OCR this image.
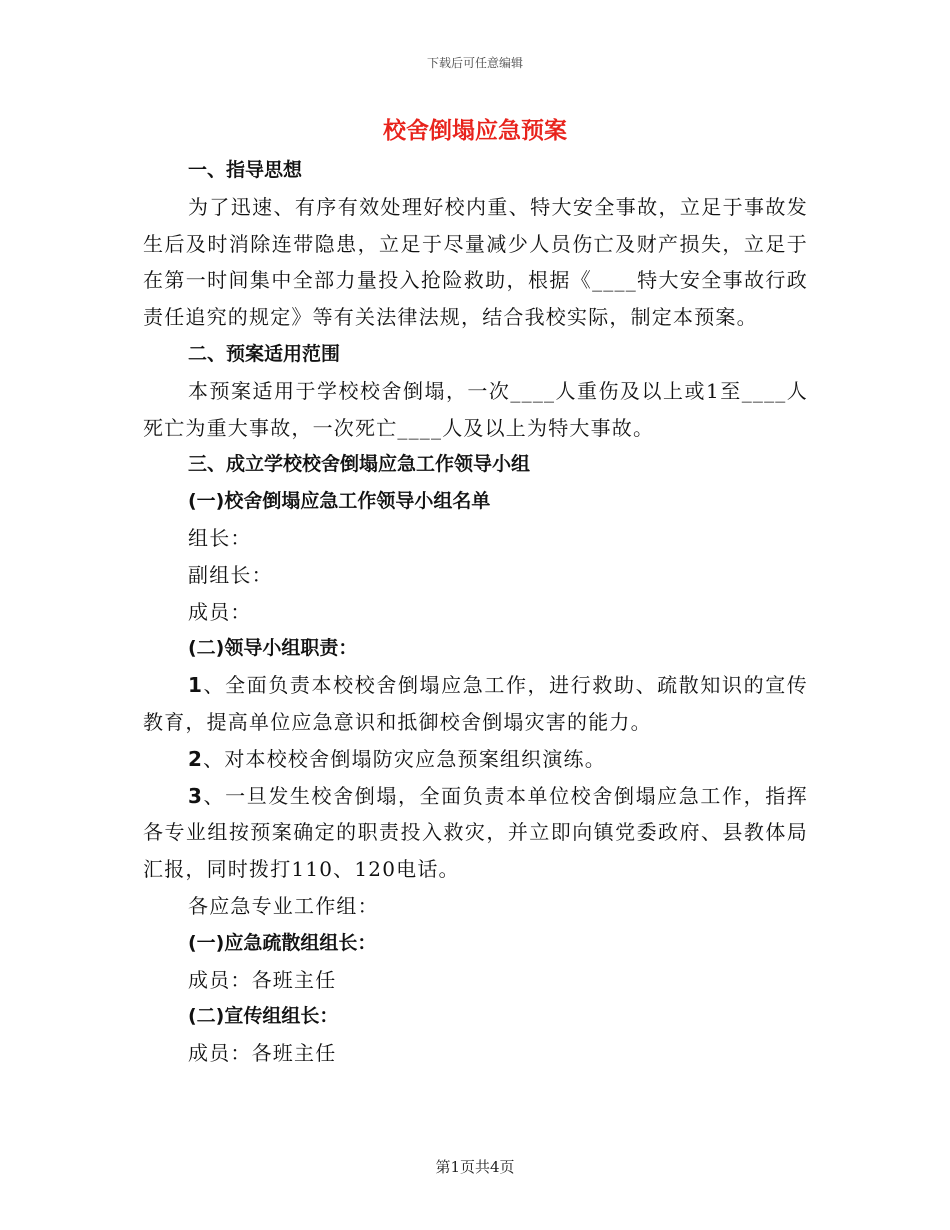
下载后可任意编辑
校舍倒塌应急预案

一、指导思想

为了迅速、有序有效处理好校内重、特大安全事故，立足于事故发生后及时消除连带隐患，立足于尽量减少人员伤亡及财产损失，立足于在第一时间集中全部力量投入抢险救助，根据《____特大安全事故行政责任追究的规定》等有关法律法规，结合我校实际，制定本预案。

二、预案适用范围

本预案适用于学校校舍倒塌，一次____人重伤及以上或1至____人死亡为重大事故，一次死亡____人及以上为特大事故。

三、成立学校校舍倒塌应急工作领导小组

(一)校舍倒塌应急工作领导小组名单

组长：

副组长：

成员：

(二)领导小组职责：

1、全面负责本校校舍倒塌应急工作，进行救助、疏散知识的宣传教育，提高单位应急意识和抵御校舍倒塌灾害的能力。

2、对本校校舍倒塌防灾应急预案组织演练。

3、一旦发生校舍倒塌，全面负责本单位校舍倒塌应急工作，指挥各专业组按预案确定的职责投入救灾，并立即向镇党委政府、县教体局汇报，同时拨打110、120电话。

各应急专业工作组：

(一)应急疏散组组长：

成员：各班主任

(二)宣传组组长：

成员：各班主任

第1页共4页
